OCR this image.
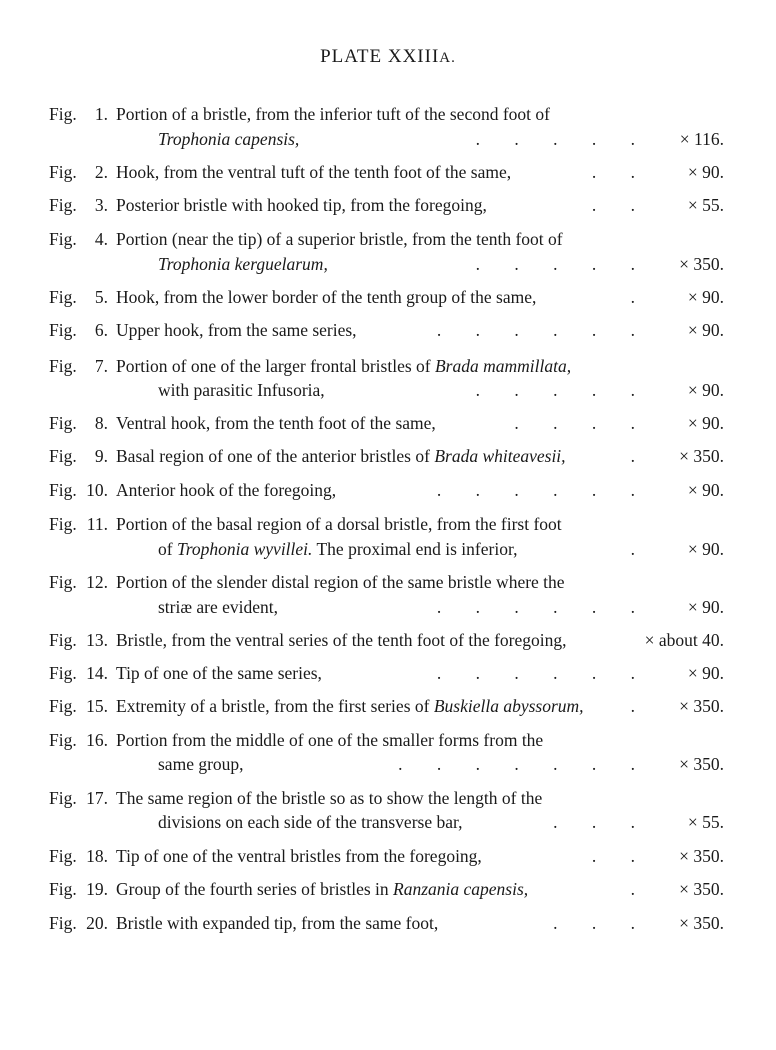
PLATE XXIIIA.
Fig.	1. Portion of a bristle, from the inferior tuft of the second foot of
Trophonia capensis,	. . . . .	× 116.
Fig.	2. Hook, from the ventral tuft of the tenth foot of the same,	. .	× 90.
Fig.	3. Posterior bristle with hooked tip, from the foregoing,	. .	× 55.
Fig.	4. Portion (near the tip) of a superior bristle, from the tenth foot of
Trophonia kerguelarum,	. . . . .	× 350.
Fig.	5. Hook, from the lower border of the tenth group of the same,	.	× 90.
Fig.	6. Upper hook, from the same series,	. . . . . .	× 90.
Fig.	7. Portion of one of the larger frontal bristles of Brada mammillata,
with parasitic Infusoria,	. . . . .	× 90.
Fig.	8. Ventral hook, from the tenth foot of the same,	. . . .	× 90.
Fig.	9. Basal region of one of the anterior bristles of Brada whiteavesii,	.	× 350.
Fig. 10. Anterior hook of the foregoing,	. . . . . .	× 90.
Fig. 11. Portion of the basal region of a dorsal bristle, from the first foot
of Trophonia wyvillei. The proximal end is inferior,	.	× 90.
Fig. 12. Portion of the slender distal region of the same bristle where the
striæ are evident,	. . . . . .	× 90.
Fig. 13. Bristle, from the ventral series of the tenth foot of the foregoing,	× about 40.
Fig. 14. Tip of one of the same series,	. . . . . .	× 90.
Fig. 15. Extremity of a bristle, from the first series of Buskiella abyssorum,	.	× 350.
Fig. 16. Portion from the middle of one of the smaller forms from the
same group,	. . . . . . .	× 350.
Fig. 17. The same region of the bristle so as to show the length of the
divisions on each side of the transverse bar,	. . .	× 55.
Fig. 18. Tip of one of the ventral bristles from the foregoing,	. .	× 350.
Fig. 19. Group of the fourth series of bristles in Ranzania capensis,	.	× 350.
Fig. 20. Bristle with expanded tip, from the same foot,	. . .	× 350.
